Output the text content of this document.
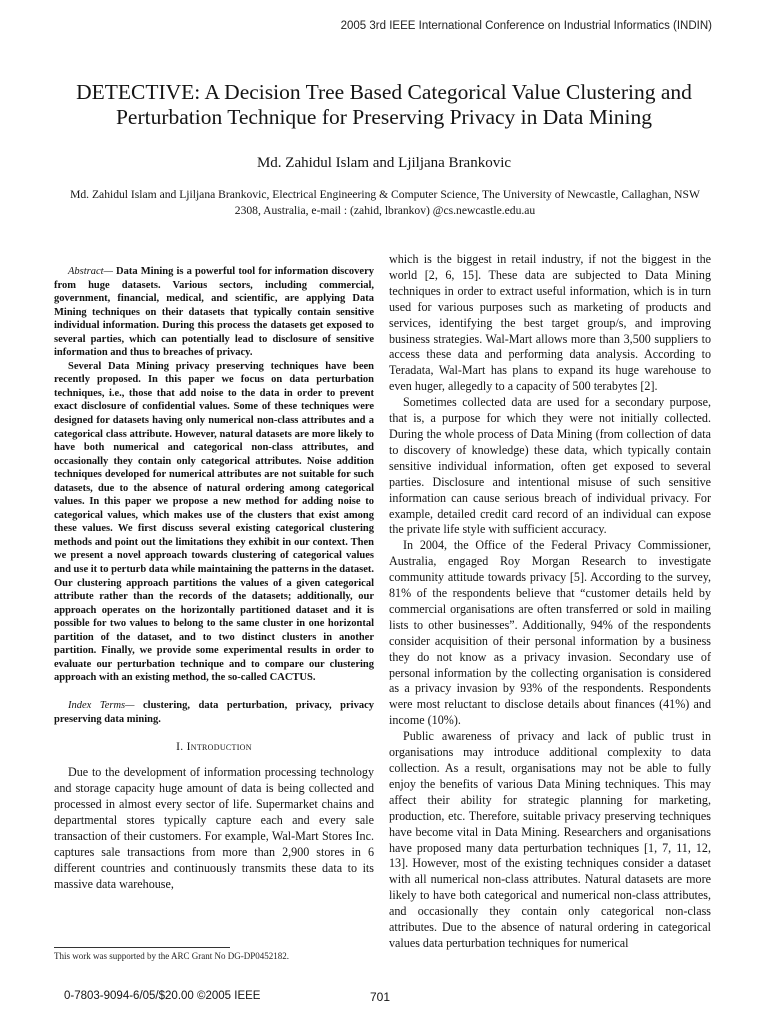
2005 3rd IEEE International Conference on Industrial Informatics (INDIN)
DETECTIVE: A Decision Tree Based Categorical Value Clustering and Perturbation Technique for Preserving Privacy in Data Mining
Md. Zahidul Islam and Ljiljana Brankovic
Md. Zahidul Islam and Ljiljana Brankovic, Electrical Engineering & Computer Science, The University of Newcastle, Callaghan, NSW 2308, Australia, e-mail : (zahid, lbrankov) @cs.newcastle.edu.au

Abstract— Data Mining is a powerful tool for information discovery from huge datasets. Various sectors, including commercial, government, financial, medical, and scientific, are applying Data Mining techniques on their datasets that typically contain sensitive individual information. During this process the datasets get exposed to several parties, which can potentially lead to disclosure of sensitive information and thus to breaches of privacy.

Several Data Mining privacy preserving techniques have been recently proposed. In this paper we focus on data perturbation techniques, i.e., those that add noise to the data in order to prevent exact disclosure of confidential values. Some of these techniques were designed for datasets having only numerical non-class attributes and a categorical class attribute. However, natural datasets are more likely to have both numerical and categorical non-class attributes, and occasionally they contain only categorical attributes. Noise addition techniques developed for numerical attributes are not suitable for such datasets, due to the absence of natural ordering among categorical values. In this paper we propose a new method for adding noise to categorical values, which makes use of the clusters that exist among these values. We first discuss several existing categorical clustering methods and point out the limitations they exhibit in our context. Then we present a novel approach towards clustering of categorical values and use it to perturb data while maintaining the patterns in the dataset. Our clustering approach partitions the values of a given categorical attribute rather than the records of the datasets; additionally, our approach operates on the horizontally partitioned dataset and it is possible for two values to belong to the same cluster in one horizontal partition of the dataset, and to two distinct clusters in another partition. Finally, we provide some experimental results in order to evaluate our perturbation technique and to compare our clustering approach with an existing method, the so-called CACTUS.

Index Terms— clustering, data perturbation, privacy, privacy preserving data mining.
I. Introduction

Due to the development of information processing technology and storage capacity huge amount of data is being collected and processed in almost every sector of life. Supermarket chains and departmental stores typically capture each and every sale transaction of their customers. For example, Wal-Mart Stores Inc. captures sale transactions from more than 2,900 stores in 6 different countries and continuously transmits these data to its massive data warehouse,

which is the biggest in retail industry, if not the biggest in the world [2, 6, 15]. These data are subjected to Data Mining techniques in order to extract useful information, which is in turn used for various purposes such as marketing of products and services, identifying the best target group/s, and improving business strategies. Wal-Mart allows more than 3,500 suppliers to access these data and performing data analysis. According to Teradata, Wal-Mart has plans to expand its huge warehouse to even huger, allegedly to a capacity of 500 terabytes [2].

Sometimes collected data are used for a secondary purpose, that is, a purpose for which they were not initially collected. During the whole process of Data Mining (from collection of data to discovery of knowledge) these data, which typically contain sensitive individual information, often get exposed to several parties. Disclosure and intentional misuse of such sensitive information can cause serious breach of individual privacy. For example, detailed credit card record of an individual can expose the private life style with sufficient accuracy.

In 2004, the Office of the Federal Privacy Commissioner, Australia, engaged Roy Morgan Research to investigate community attitude towards privacy [5]. According to the survey, 81% of the respondents believe that “customer details held by commercial organisations are often transferred or sold in mailing lists to other businesses”. Additionally, 94% of the respondents consider acquisition of their personal information by a business they do not know as a privacy invasion. Secondary use of personal information by the collecting organisation is considered as a privacy invasion by 93% of the respondents. Respondents were most reluctant to disclose details about finances (41%) and income (10%).

Public awareness of privacy and lack of public trust in organisations may introduce additional complexity to data collection. As a result, organisations may not be able to fully enjoy the benefits of various Data Mining techniques. This may affect their ability for strategic planning for marketing, production, etc. Therefore, suitable privacy preserving techniques have become vital in Data Mining. Researchers and organisations have proposed many data perturbation techniques [1, 7, 11, 12, 13]. However, most of the existing techniques consider a dataset with all numerical non-class attributes. Natural datasets are more likely to have both categorical and numerical non-class attributes, and occasionally they contain only categorical non-class attributes. Due to the absence of natural ordering in categorical values data perturbation techniques for numerical

This work was supported by the ARC Grant No DG-DP0452182.
0-7803-9094-6/05/$20.00 ©2005 IEEE	701
